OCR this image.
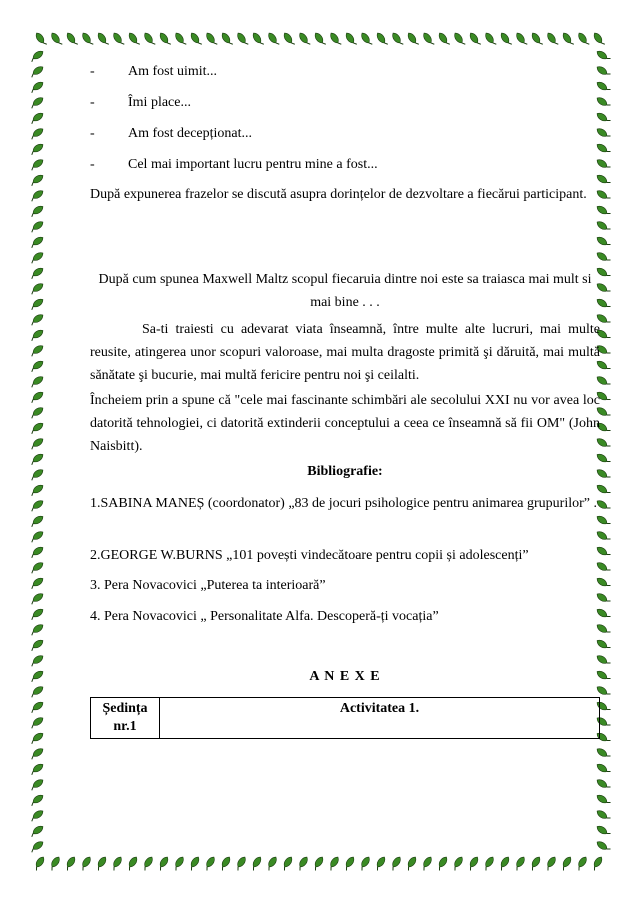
- Am fost uimit...
- Îmi place...
- Am fost decepționat...
- Cel mai important lucru pentru mine a fost...
După expunerea frazelor se discută asupra dorințelor de dezvoltare a fiecărui participant.
După cum spunea Maxwell Maltz scopul fiecaruia dintre noi este sa traiasca mai mult si mai bine . . .
Sa-ti traiesti cu adevarat viata înseamnă, între multe alte lucruri, mai multe reusite, atingerea unor scopuri valoroase, mai multa dragoste primită şi dăruită, mai multă sănătate şi bucurie, mai multă fericire pentru noi şi ceilalti.
Încheiem prin a spune că "cele mai fascinante schimbări ale secolului XXI nu vor avea loc datorită tehnologiei, ci datorită extinderii conceptului a ceea ce înseamnă să fii OM" (John Naisbitt).
Bibliografie:
1.SABINA MANEȘ (coordonator) „83 de jocuri psihologice pentru animarea grupurilor” .
2.GEORGE W.BURNS „101 povești vindecătoare pentru copii și adolescenți”
3. Pera Novacovici „Puterea ta interioară”
4. Pera Novacovici „ Personalitate Alfa. Descoperă-ți vocația”
A N E X E
Ședința nr.1	Activitatea 1.
